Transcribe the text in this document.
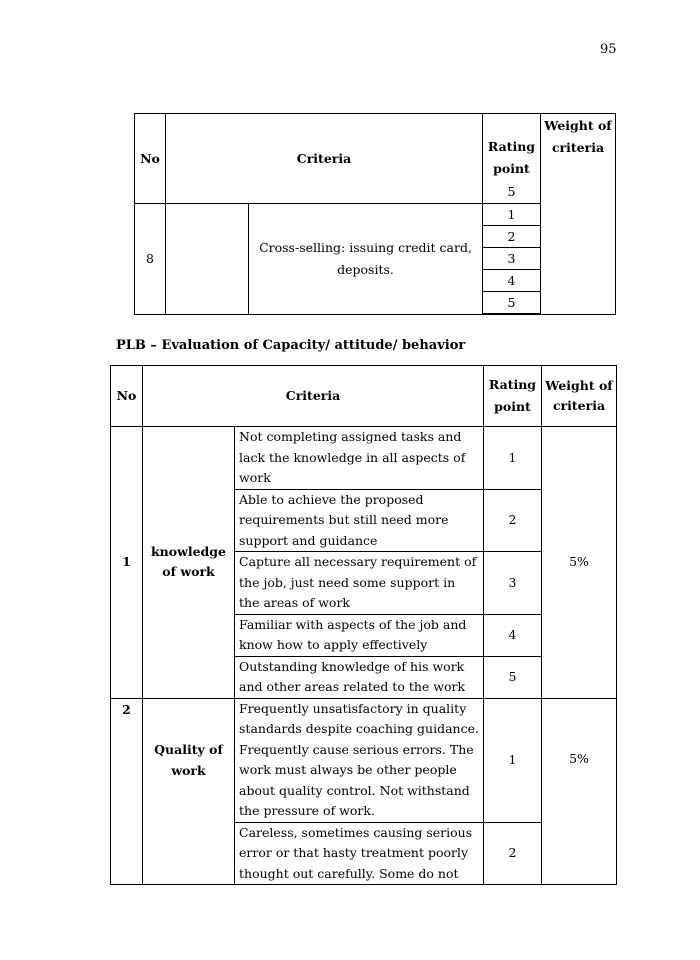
95
No	Criteria		Rating point	Weight of criteria
			5	
8		Cross-selling: issuing credit card, deposits.	1	
			2	
			3	
			4	
			5	

PLB – Evaluation of Capacity/ attitude/ behavior
No	Criteria		Rating point	Weight of criteria
1	knowledge of work	Not completing assigned tasks and lack the knowledge in all aspects of work	1	5%
		Able to achieve the proposed requirements but still need more support and guidance	2	
		Capture all necessary requirement of the job, just need some support in the areas of work	3	
		Familiar with aspects of the job and know how to apply effectively	4	
		Outstanding knowledge of his work and other areas related to the work	5	
2	Quality of work	Frequently unsatisfactory in quality standards despite coaching guidance. Frequently cause serious errors. The work must always be other people about quality control. Not withstand the pressure of work.	1	5%
		Careless, sometimes causing serious error or that hasty treatment poorly thought out carefully. Some do not	2	
